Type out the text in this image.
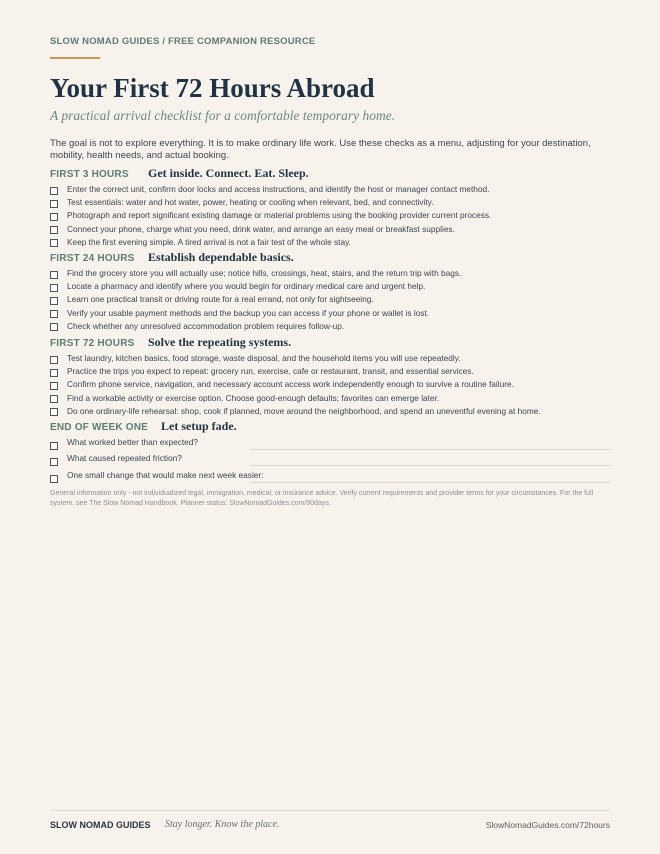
SLOW NOMAD GUIDES / FREE COMPANION RESOURCE
Your First 72 Hours Abroad
A practical arrival checklist for a comfortable temporary home.

The goal is not to explore everything. It is to make ordinary life work. Use these checks as a menu, adjusting for your destination, mobility, health needs, and actual booking.

FIRST 3 HOURS	Get inside. Connect. Eat. Sleep.
Enter the correct unit, confirm door locks and access instructions, and identify the host or manager contact method.
Test essentials: water and hot water, power, heating or cooling when relevant, bed, and connectivity.
Photograph and report significant existing damage or material problems using the booking provider current process.
Connect your phone, charge what you need, drink water, and arrange an easy meal or breakfast supplies.
Keep the first evening simple. A tired arrival is not a fair test of the whole stay.
FIRST 24 HOURS	Establish dependable basics.
Find the grocery store you will actually use; notice hills, crossings, heat, stairs, and the return trip with bags.
Locate a pharmacy and identify where you would begin for ordinary medical care and urgent help.
Learn one practical transit or driving route for a real errand, not only for sightseeing.
Verify your usable payment methods and the backup you can access if your phone or wallet is lost.
Check whether any unresolved accommodation problem requires follow-up.
FIRST 72 HOURS	Solve the repeating systems.
Test laundry, kitchen basics, food storage, waste disposal, and the household items you will use repeatedly.
Practice the trips you expect to repeat: grocery run, exercise, cafe or restaurant, transit, and essential services.
Confirm phone service, navigation, and necessary account access work independently enough to survive a routine failure.
Find a workable activity or exercise option. Choose good-enough defaults; favorites can emerge later.
Do one ordinary-life rehearsal: shop, cook if planned, move around the neighborhood, and spend an uneventful evening at home.
END OF WEEK ONE	Let setup fade.
What worked better than expected?
What caused repeated friction?
One small change that would make next week easier:

General information only - not individualized legal, immigration, medical, or insurance advice. Verify current requirements and provider terms for your circumstances. For the full system, see The Slow Nomad Handbook. Planner status: SlowNomadGuides.com/90days.

SLOW NOMAD GUIDES Stay longer. Know the place.	SlowNomadGuides.com/72hours
